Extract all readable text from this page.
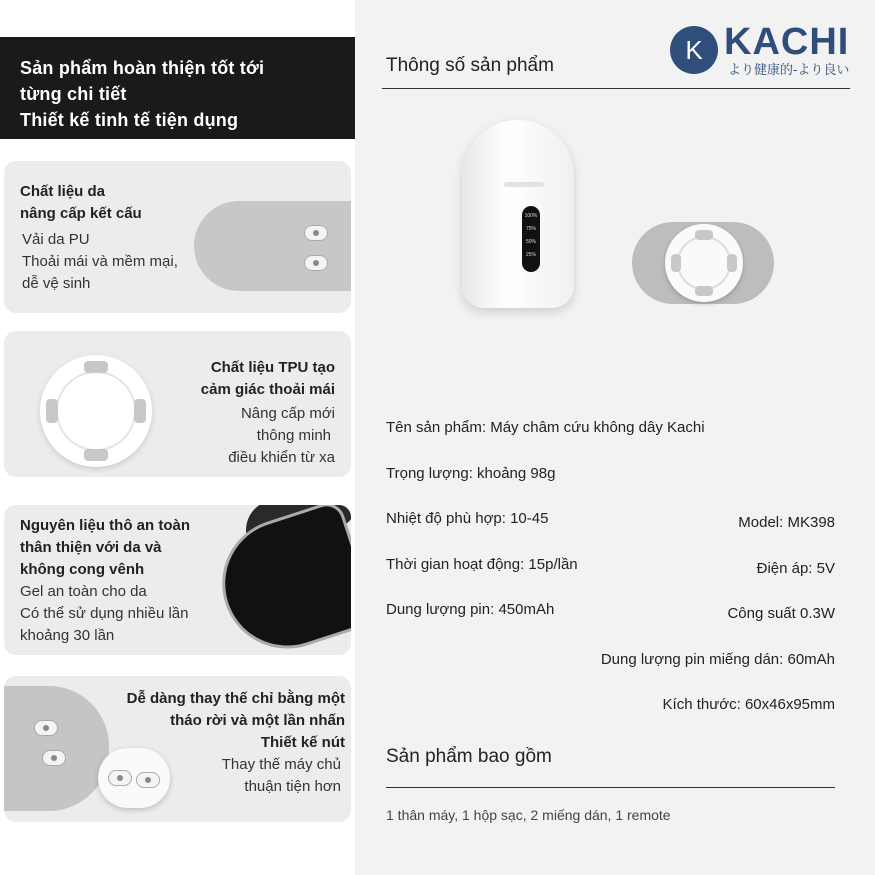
Sản phẩm hoàn thiện tốt tới
từng chi tiết
Thiết kế tinh tế tiện dụng
Chất liệu da
nâng cấp kết cấu
Vải da PU
Thoải mái và mềm mại,
dễ vệ sinh
Chất liệu TPU tạo
cảm giác thoải mái
Nâng cấp mới
thông minh
điều khiển từ xa
Nguyên liệu thô an toàn
thân thiện với da và
không cong vênh
Gel an toàn cho da
Có thể sử dụng nhiều lần
khoảng 30 lần
Dễ dàng thay thế chỉ bằng một
tháo rời và một lần nhấn
Thiết kế nút
Thay thế máy chủ
thuận tiện hơn
K KACHI
より健康的-より良い
Thông số sản phẩm
100%
75%
50%
25%
Tên sản phẩm: Máy châm cứu không dây Kachi
Trọng lượng: khoảng 98g
Nhiệt độ phù hợp: 10-45
Thời gian hoạt động: 15p/lần
Dung lượng pin: 450mAh
Model: MK398
Điện áp: 5V
Công suất 0.3W
Dung lượng pin miếng dán: 60mAh
Kích thước: 60x46x95mm
Sản phẩm bao gồm
1 thân máy, 1 hộp sạc, 2 miếng dán, 1 remote
